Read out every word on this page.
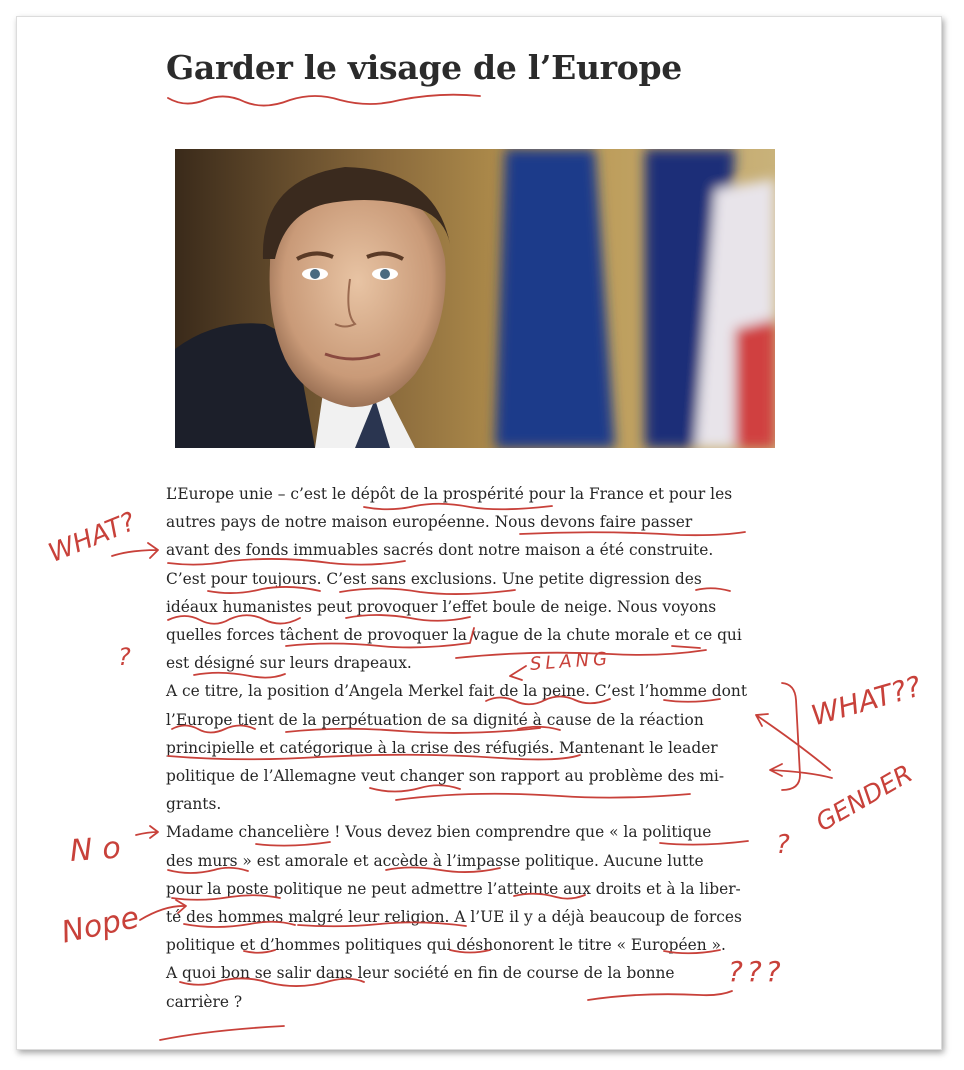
Garder le visage de l’Europe
L’Europe unie – c’est le dépôt de la prospérité pour la France et pour les
autres pays de notre maison européenne. Nous devons faire passer
avant des fonds immuables sacrés dont notre maison a été construite.
C’est pour toujours. C’est sans exclusions. Une petite digression des
idéaux humanistes peut provoquer l’effet boule de neige. Nous voyons
quelles forces tâchent de provoquer la vague de la chute morale et ce qui
est désigné sur leurs drapeaux.
A ce titre, la position d’Angela Merkel fait de la peine. C’est l’homme dont
l’Europe tient de la perpétuation de sa dignité à cause de la réaction
principielle et catégorique à la crise des réfugiés. Mantenant le leader
politique de l’Allemagne veut changer son rapport au problème des mi-
grants.
Madame chancelière ! Vous devez bien comprendre que « la politique
des murs » est amorale et accède à l’impasse politique. Aucune lutte
pour la poste politique ne peut admettre l’atteinte aux droits et à la liber-
té des hommes malgré leur religion. A l’UE il y a déjà beaucoup de forces
politique et d’hommes politiques qui déshonorent le titre « Européen ».
A quoi bon se salir dans leur société en fin de course de la bonne
carrière ?
WHAT?
?	SLANG
WHAT??
GENDER
No	?
Nope
???
